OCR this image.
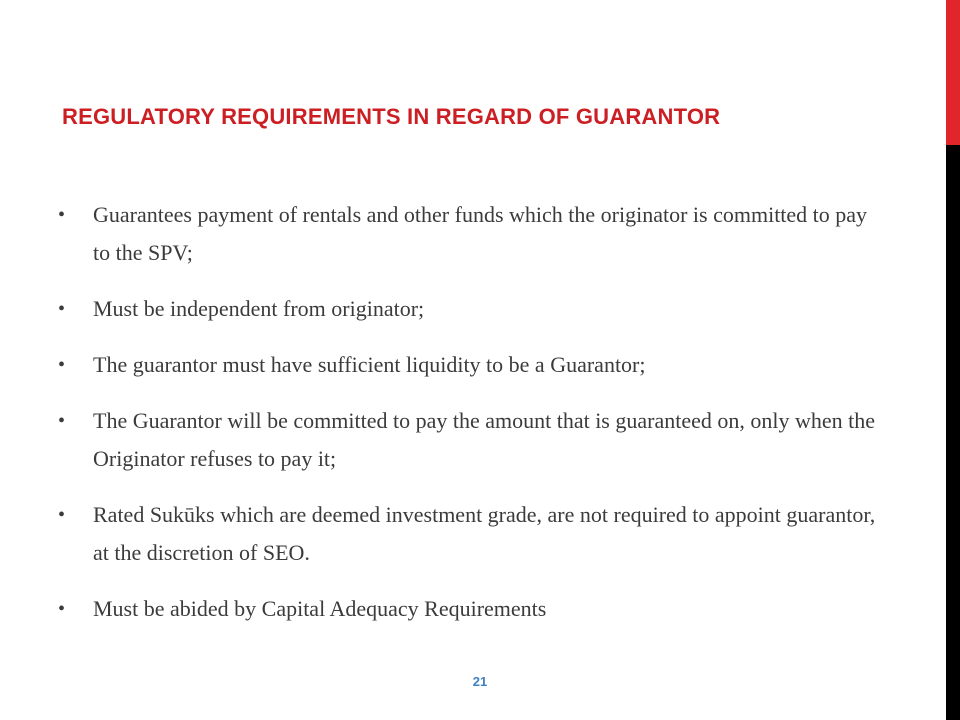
REGULATORY REQUIREMENTS IN REGARD OF GUARANTOR
• Guarantees payment of rentals and other funds which the originator is committed to pay to the SPV;
• Must be independent from originator;
• The guarantor must have sufficient liquidity to be a Guarantor;
• The Guarantor will be committed to pay the amount that is guaranteed on, only when the Originator refuses to pay it;
• Rated Sukūks which are deemed investment grade, are not required to appoint guarantor, at the discretion of SEO.
• Must be abided by Capital Adequacy Requirements
21
